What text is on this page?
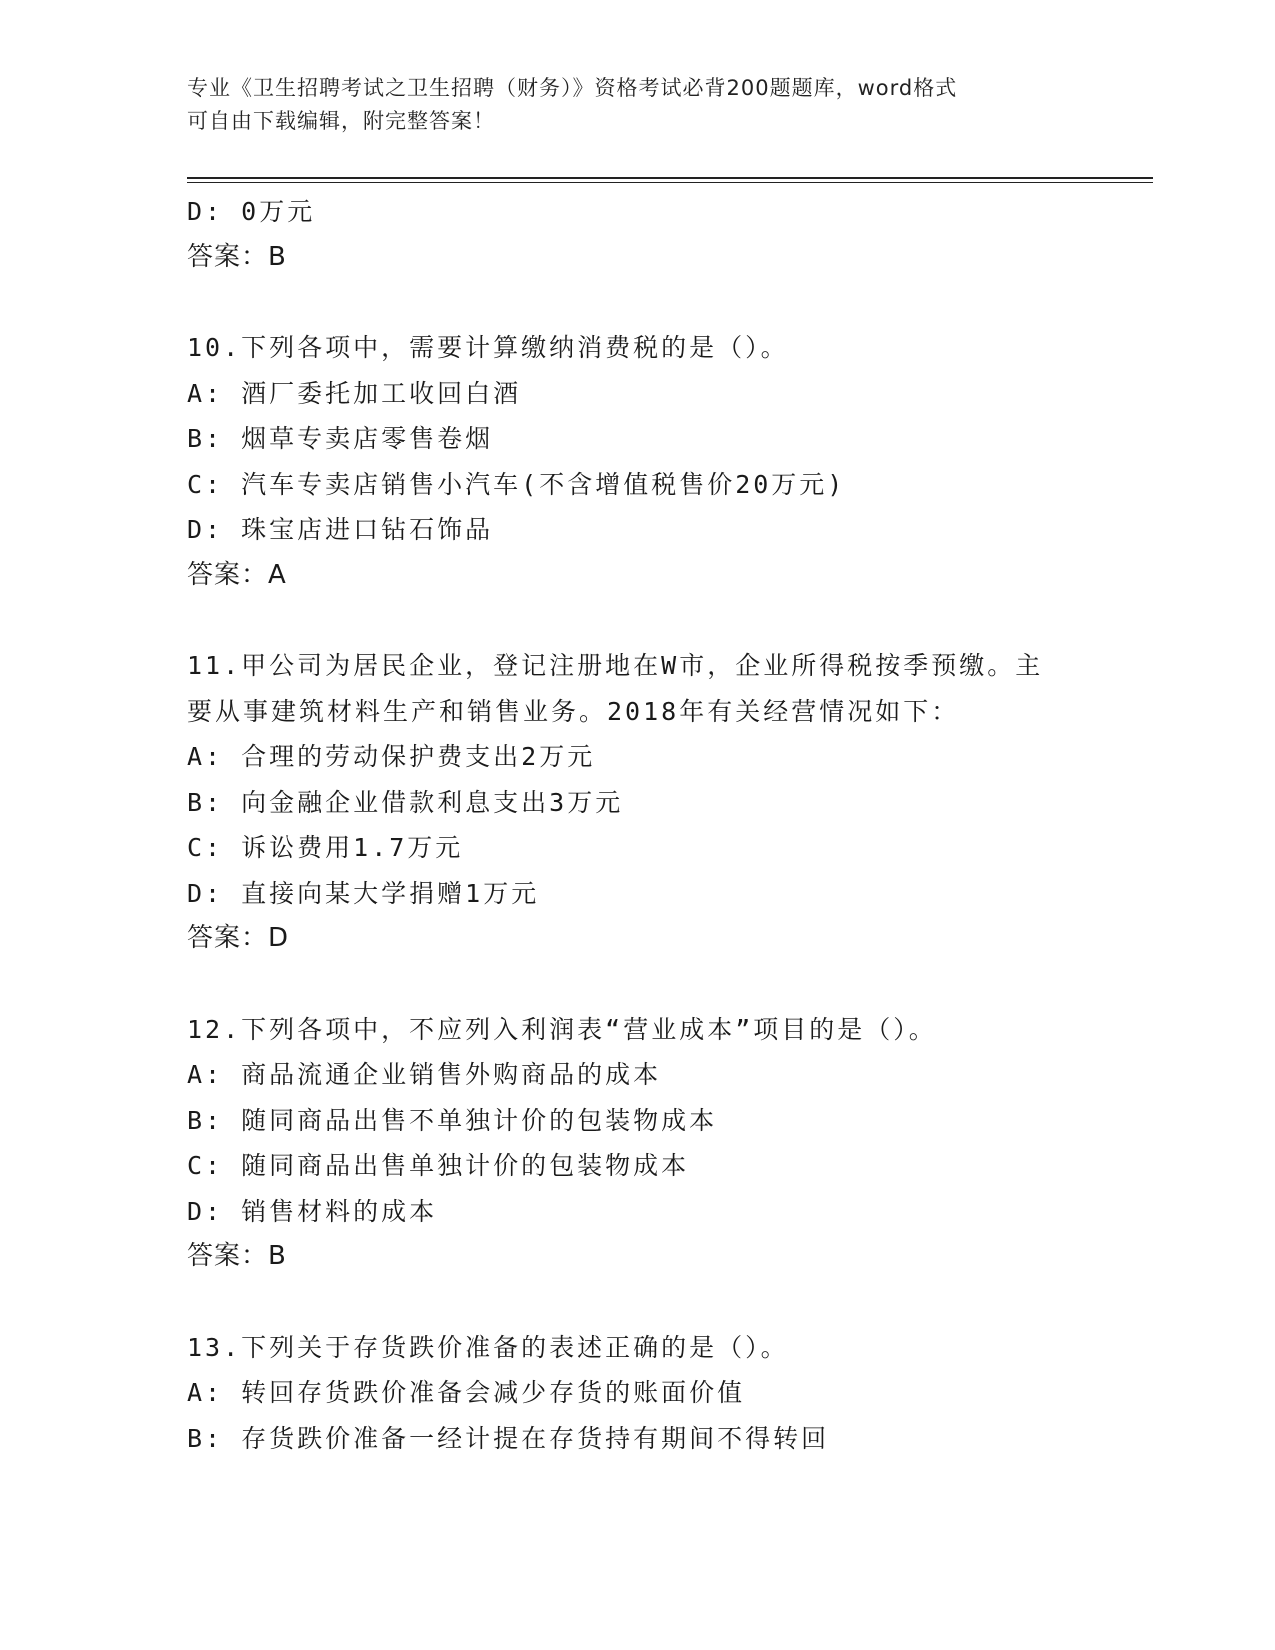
专业《卫生招聘考试之卫生招聘（财务）》资格考试必背200题题库，word格式

可自由下载编辑，附完整答案！

D: 0万元
答案：B
10.下列各项中，需要计算缴纳消费税的是（）。
A: 酒厂委托加工收回白酒
B: 烟草专卖店零售卷烟
C: 汽车专卖店销售小汽车(不含增值税售价20万元)
D: 珠宝店进口钻石饰品
答案：A
11.甲公司为居民企业，登记注册地在W市，企业所得税按季预缴。主
要从事建筑材料生产和销售业务。2018年有关经营情况如下：
A: 合理的劳动保护费支出2万元
B: 向金融企业借款利息支出3万元
C: 诉讼费用1.7万元
D: 直接向某大学捐赠1万元
答案：D
12.下列各项中，不应列入利润表“营业成本”项目的是（）。
A: 商品流通企业销售外购商品的成本
B: 随同商品出售不单独计价的包装物成本
C: 随同商品出售单独计价的包装物成本
D: 销售材料的成本
答案：B
13.下列关于存货跌价准备的表述正确的是（）。
A: 转回存货跌价准备会减少存货的账面价值
B: 存货跌价准备一经计提在存货持有期间不得转回
